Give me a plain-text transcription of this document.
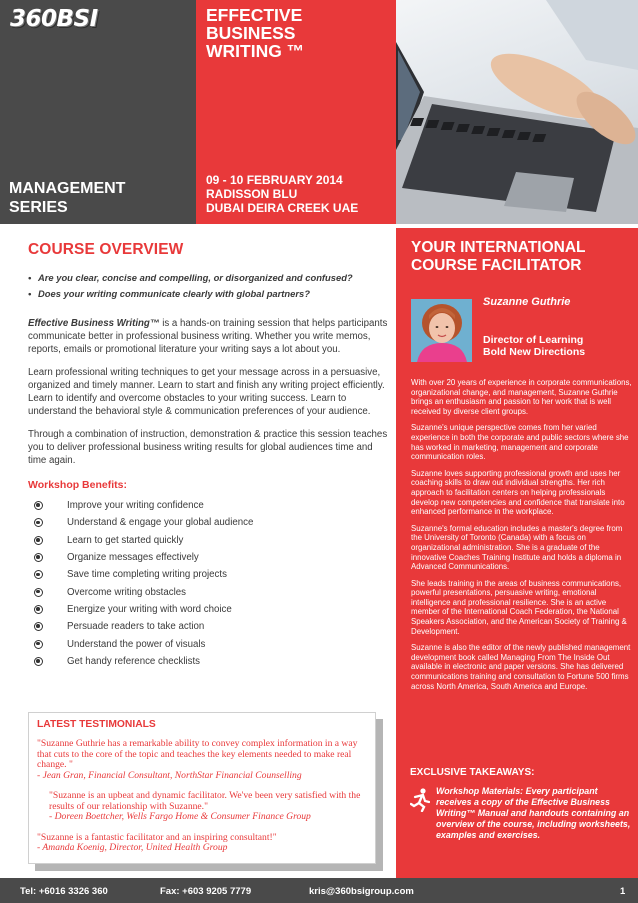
360BSI
MANAGEMENT
SERIES
EFFECTIVE
BUSINESS
WRITING ™
09 - 10 FEBRUARY 2014
RADISSON BLU
DUBAI DEIRA CREEK UAE
COURSE OVERVIEW
• Are you clear, concise and compelling, or disorganized and confused?
• Does your writing communicate clearly with global partners?

Effective Business Writing™ is a hands-on training session that helps participants communicate better in professional business writing. Whether you write memos, reports, emails or promotional literature your writing says a lot about you.

Learn professional writing techniques to get your message across in a persuasive, organized and timely manner. Learn to start and finish any writing project efficiently. Learn to identify and overcome obstacles to your writing success. Learn to understand the behavioral style & communication preferences of your audience.

Through a combination of instruction, demonstration & practice this session teaches you to deliver professional business writing results for global audiences time and time again.

Workshop Benefits:
Improve your writing confidence
Understand & engage your global audience
Learn to get started quickly
Organize messages effectively
Save time completing writing projects
Overcome writing obstacles
Energize your writing with word choice
Persuade readers to take action
Understand the power of visuals
Get handy reference checklists
LATEST TESTIMONIALS

"Suzanne Guthrie has a remarkable ability to convey complex information in a way that cuts to the core of the topic and teaches the key elements needed to make real change. "

- Jean Gran, Financial Consultant, NorthStar Financial Counselling

"Suzanne is an upbeat and dynamic facilitator. We've been very satisfied with the results of our relationship with Suzanne."

- Doreen Boettcher, Wells Fargo Home & Consumer Finance Group

"Suzanne is a fantastic facilitator and an inspiring consultant!"

- Amanda Koenig, Director, United Health Group

YOUR INTERNATIONAL
COURSE FACILITATOR
Suzanne Guthrie
Director of Learning
Bold New Directions

With over 20 years of experience in corporate communications, organizational change, and management, Suzanne Guthrie brings an enthusiasm and passion to her work that is well received by diverse client groups.

Suzanne's unique perspective comes from her varied experience in both the corporate and public sectors where she has worked in marketing, management and corporate communication roles.

Suzanne loves supporting professional growth and uses her coaching skills to draw out individual strengths. Her rich approach to facilitation centers on helping professionals develop new competencies and confidence that translate into enhanced performance in the workplace.

Suzanne's formal education includes a master's degree from the University of Toronto (Canada) with a focus on organizational administration. She is a graduate of the innovative Coaches Training Institute and holds a diploma in Advanced Communications.

She leads training in the areas of business communications, powerful presentations, persuasive writing, emotional intelligence and professional resilience. She is an active member of the International Coach Federation, the National Speakers Association, and the American Society of Training & Development.

Suzanne is also the editor of the newly published management development book called Managing From The Inside Out available in electronic and paper versions. She has delivered communications training and consultation to Fortune 500 firms across North America, South America and Europe.

EXCLUSIVE TAKEAWAYS:
Workshop Materials: Every participant receives a copy of the Effective Business Writing™ Manual and handouts containing an overview of the course, including worksheets, examples and exercises.
Tel: +6016 3326 360	Fax: +603 9205 7779	kris@360bsigroup.com	1
